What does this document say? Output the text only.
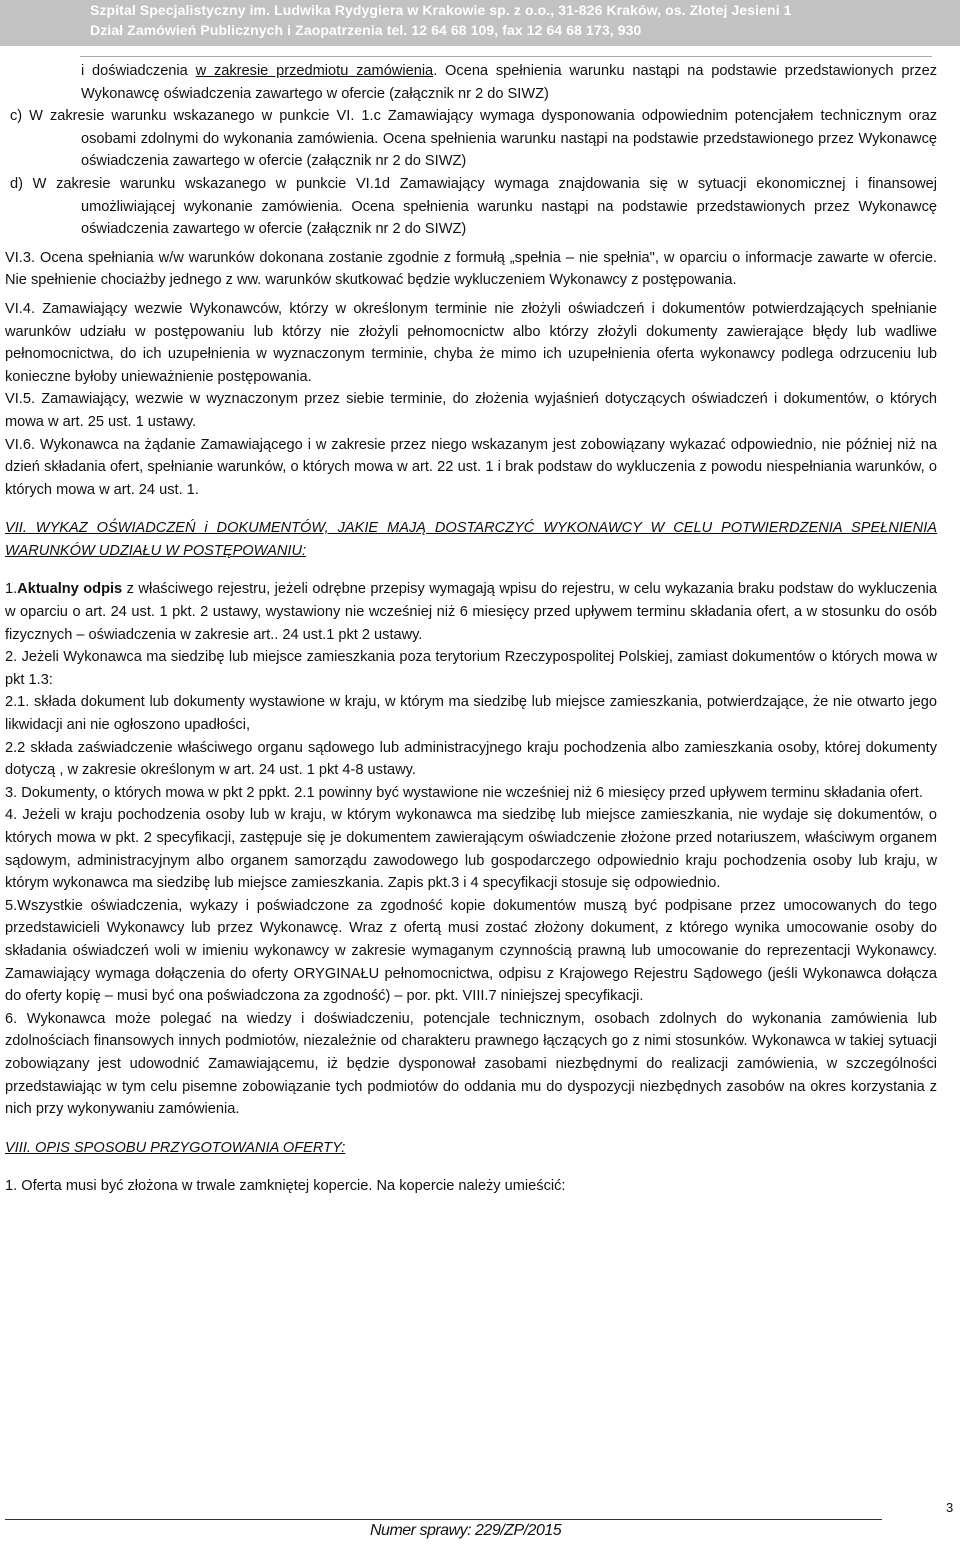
Szpital Specjalistyczny im. Ludwika Rydygiera w Krakowie sp. z o.o., 31-826 Kraków, os. Złotej Jesieni 1
Dział Zamówień Publicznych i Zaopatrzenia tel. 12 64 68 109, fax 12 64 68 173, 930

i doświadczenia w zakresie przedmiotu zamówienia. Ocena spełnienia warunku nastąpi na podstawie przedstawionych przez Wykonawcę oświadczenia zawartego w ofercie (załącznik nr 2 do SIWZ)

c) W zakresie warunku wskazanego w punkcie VI. 1.c Zamawiający wymaga dysponowania odpowiednim potencjałem technicznym oraz osobami zdolnymi do wykonania zamówienia. Ocena spełnienia warunku nastąpi na podstawie przedstawionego przez Wykonawcę oświadczenia zawartego w ofercie (załącznik nr 2 do SIWZ)

d) W zakresie warunku wskazanego w punkcie VI.1d Zamawiający wymaga znajdowania się w sytuacji ekonomicznej i finansowej umożliwiającej wykonanie zamówienia. Ocena spełnienia warunku nastąpi na podstawie przedstawionych przez Wykonawcę oświadczenia zawartego w ofercie (załącznik nr 2 do SIWZ)

VI.3. Ocena spełniania w/w warunków dokonana zostanie zgodnie z formułą „spełnia – nie spełnia", w oparciu o informacje zawarte w ofercie. Nie spełnienie chociażby jednego z ww. warunków skutkować będzie wykluczeniem Wykonawcy z postępowania.

VI.4. Zamawiający wezwie Wykonawców, którzy w określonym terminie nie złożyli oświadczeń i dokumentów potwierdzających spełnianie warunków udziału w postępowaniu lub którzy nie złożyli pełnomocnictw albo którzy złożyli dokumenty zawierające błędy lub wadliwe pełnomocnictwa, do ich uzupełnienia w wyznaczonym terminie, chyba że mimo ich uzupełnienia oferta wykonawcy podlega odrzuceniu lub konieczne byłoby unieważnienie postępowania.

VI.5. Zamawiający, wezwie w wyznaczonym przez siebie terminie, do złożenia wyjaśnień dotyczących oświadczeń i dokumentów, o których mowa w art. 25 ust. 1 ustawy.

VI.6. Wykonawca na żądanie Zamawiającego i w zakresie przez niego wskazanym jest zobowiązany wykazać odpowiednio, nie później niż na dzień składania ofert, spełnianie warunków, o których mowa w art. 22 ust. 1 i brak podstaw do wykluczenia z powodu niespełniania warunków, o których mowa w art. 24 ust. 1.

VII. WYKAZ OŚWIADCZEŃ i DOKUMENTÓW, JAKIE MAJĄ DOSTARCZYĆ WYKONAWCY W CELU POTWIERDZENIA SPEŁNIENIA WARUNKÓW UDZIAŁU W POSTĘPOWANIU:

1.Aktualny odpis z właściwego rejestru, jeżeli odrębne przepisy wymagają wpisu do rejestru, w celu wykazania braku podstaw do wykluczenia w oparciu o art. 24 ust. 1 pkt. 2 ustawy, wystawiony nie wcześniej niż 6 miesięcy przed upływem terminu składania ofert, a w stosunku do osób fizycznych – oświadczenia w zakresie art.. 24 ust.1 pkt 2 ustawy.

2. Jeżeli Wykonawca ma siedzibę lub miejsce zamieszkania poza terytorium Rzeczypospolitej Polskiej, zamiast dokumentów o których mowa w pkt 1.3:

2.1. składa dokument lub dokumenty wystawione w kraju, w którym ma siedzibę lub miejsce zamieszkania, potwierdzające, że nie otwarto jego likwidacji ani nie ogłoszono upadłości,

2.2 składa zaświadczenie właściwego organu sądowego lub administracyjnego kraju pochodzenia albo zamieszkania osoby, której dokumenty dotyczą , w zakresie określonym w art. 24 ust. 1 pkt 4-8 ustawy.

3. Dokumenty, o których mowa w pkt 2 ppkt. 2.1 powinny być wystawione nie wcześniej niż 6 miesięcy przed upływem terminu składania ofert.

4. Jeżeli w kraju pochodzenia osoby lub w kraju, w którym wykonawca ma siedzibę lub miejsce zamieszkania, nie wydaje się dokumentów, o których mowa w pkt. 2 specyfikacji, zastępuje się je dokumentem zawierającym oświadczenie złożone przed notariuszem, właściwym organem sądowym, administracyjnym albo organem samorządu zawodowego lub gospodarczego odpowiednio kraju pochodzenia osoby lub kraju, w którym wykonawca ma siedzibę lub miejsce zamieszkania. Zapis pkt.3 i 4 specyfikacji stosuje się odpowiednio.

5.Wszystkie oświadczenia, wykazy i poświadczone za zgodność kopie dokumentów muszą być podpisane przez umocowanych do tego przedstawicieli Wykonawcy lub przez Wykonawcę. Wraz z ofertą musi zostać złożony dokument, z którego wynika umocowanie osoby do składania oświadczeń woli w imieniu wykonawcy w zakresie wymaganym czynnością prawną lub umocowanie do reprezentacji Wykonawcy. Zamawiający wymaga dołączenia do oferty ORYGINAŁU pełnomocnictwa, odpisu z Krajowego Rejestru Sądowego (jeśli Wykonawca dołącza do oferty kopię – musi być ona poświadczona za zgodność) – por. pkt. VIII.7 niniejszej specyfikacji.

6. Wykonawca może polegać na wiedzy i doświadczeniu, potencjale technicznym, osobach zdolnych do wykonania zamówienia lub zdolnościach finansowych innych podmiotów, niezależnie od charakteru prawnego łączących go z nimi stosunków. Wykonawca w takiej sytuacji zobowiązany jest udowodnić Zamawiającemu, iż będzie dysponował zasobami niezbędnymi do realizacji zamówienia, w szczególności przedstawiając w tym celu pisemne zobowiązanie tych podmiotów do oddania mu do dyspozycji niezbędnych zasobów na okres korzystania z nich przy wykonywaniu zamówienia.

VIII. OPIS SPOSOBU PRZYGOTOWANIA OFERTY:

1. Oferta musi być złożona w trwale zamkniętej kopercie. Na kopercie należy umieścić:

Numer sprawy: 229/ZP/2015
3
